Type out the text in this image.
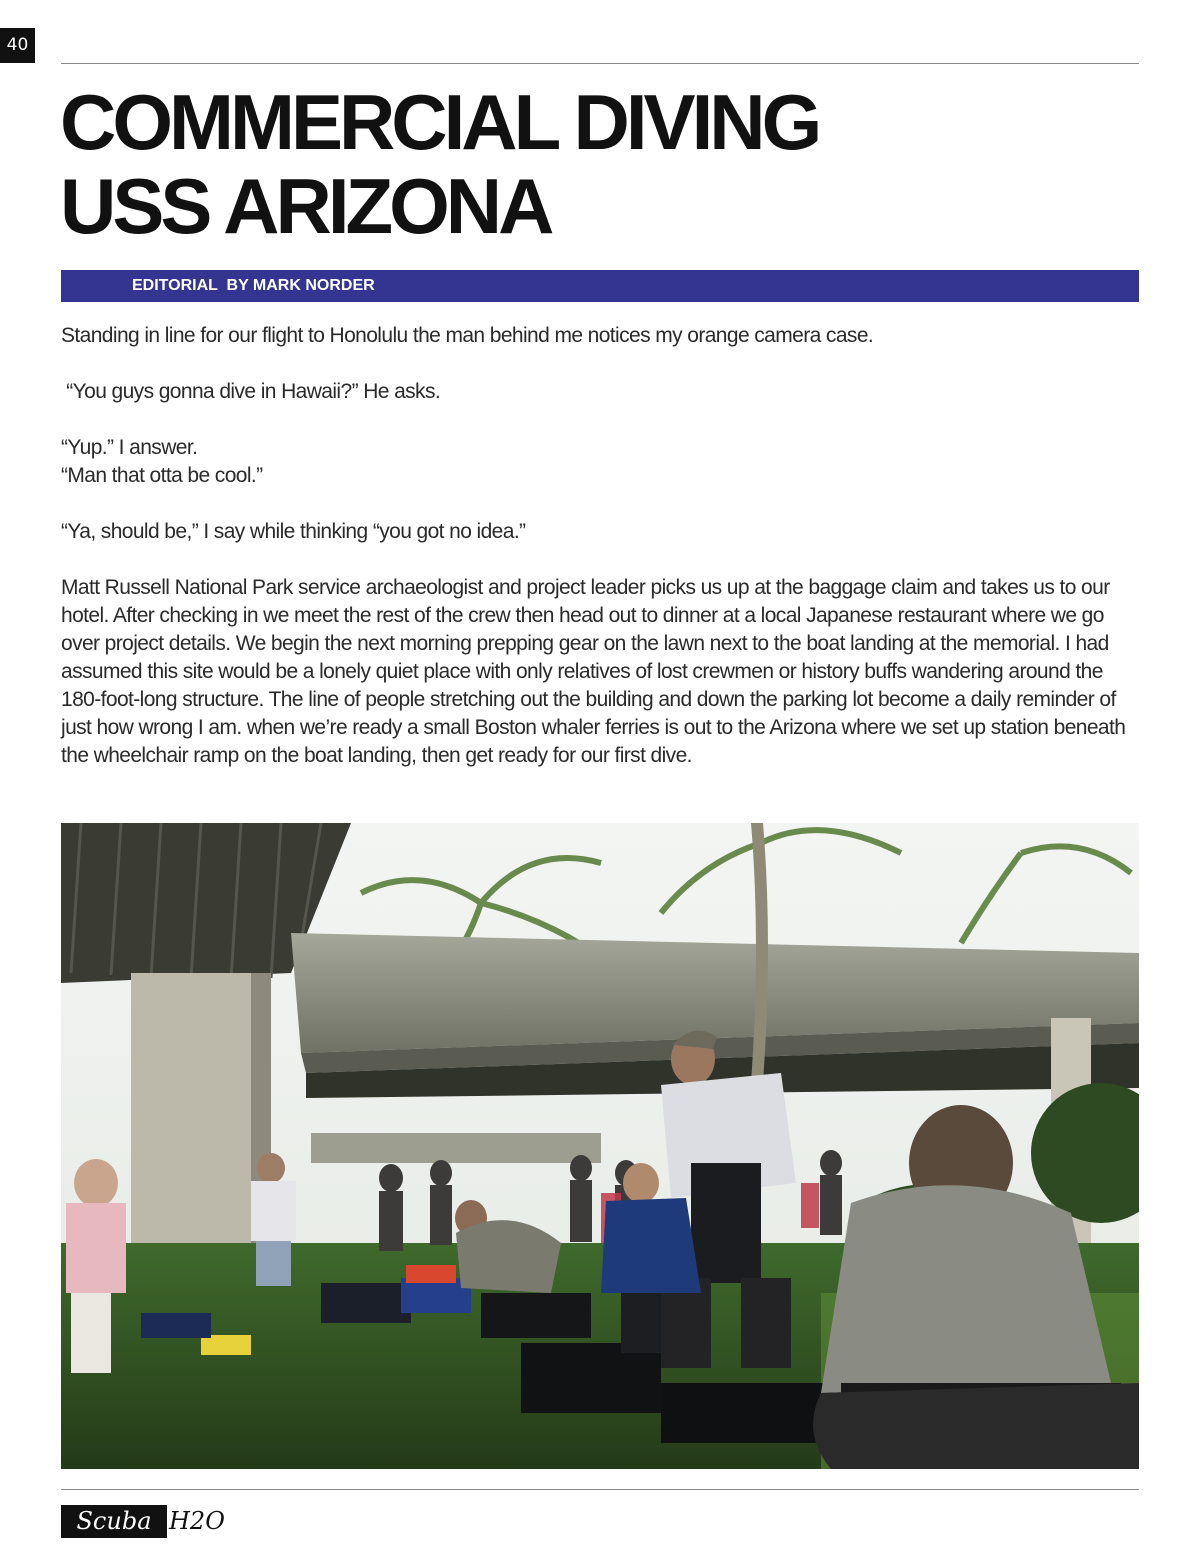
40
COMMERCIAL DIVING
USS ARIZONA
EDITORIAL  BY MARK NORDER

Standing in line for our flight to Honolulu the man behind me notices my orange camera case.

“You guys gonna dive in Hawaii?” He asks.

“Yup.” I answer.

“Man that otta be cool.”

“Ya, should be,” I say while thinking “you got no idea.”

Matt Russell National Park service archaeologist and project leader picks us up at the baggage claim and takes us to our hotel. After checking in we meet the rest of the crew then head out to dinner at a local Japanese restaurant where we go over project details. We begin the next morning prepping gear on the lawn next to the boat landing at the memorial. I had assumed this site would be a lonely quiet place with only relatives of lost crewmen or history buffs wandering around the 180-foot-long structure. The line of people stretching out the building and down the parking lot become a daily reminder of just how wrong I am. when we’re ready a small Boston whaler ferries is out to the Arizona where we set up station beneath the wheelchair ramp on the boat landing, then get ready for our first dive.

Scuba H2O
